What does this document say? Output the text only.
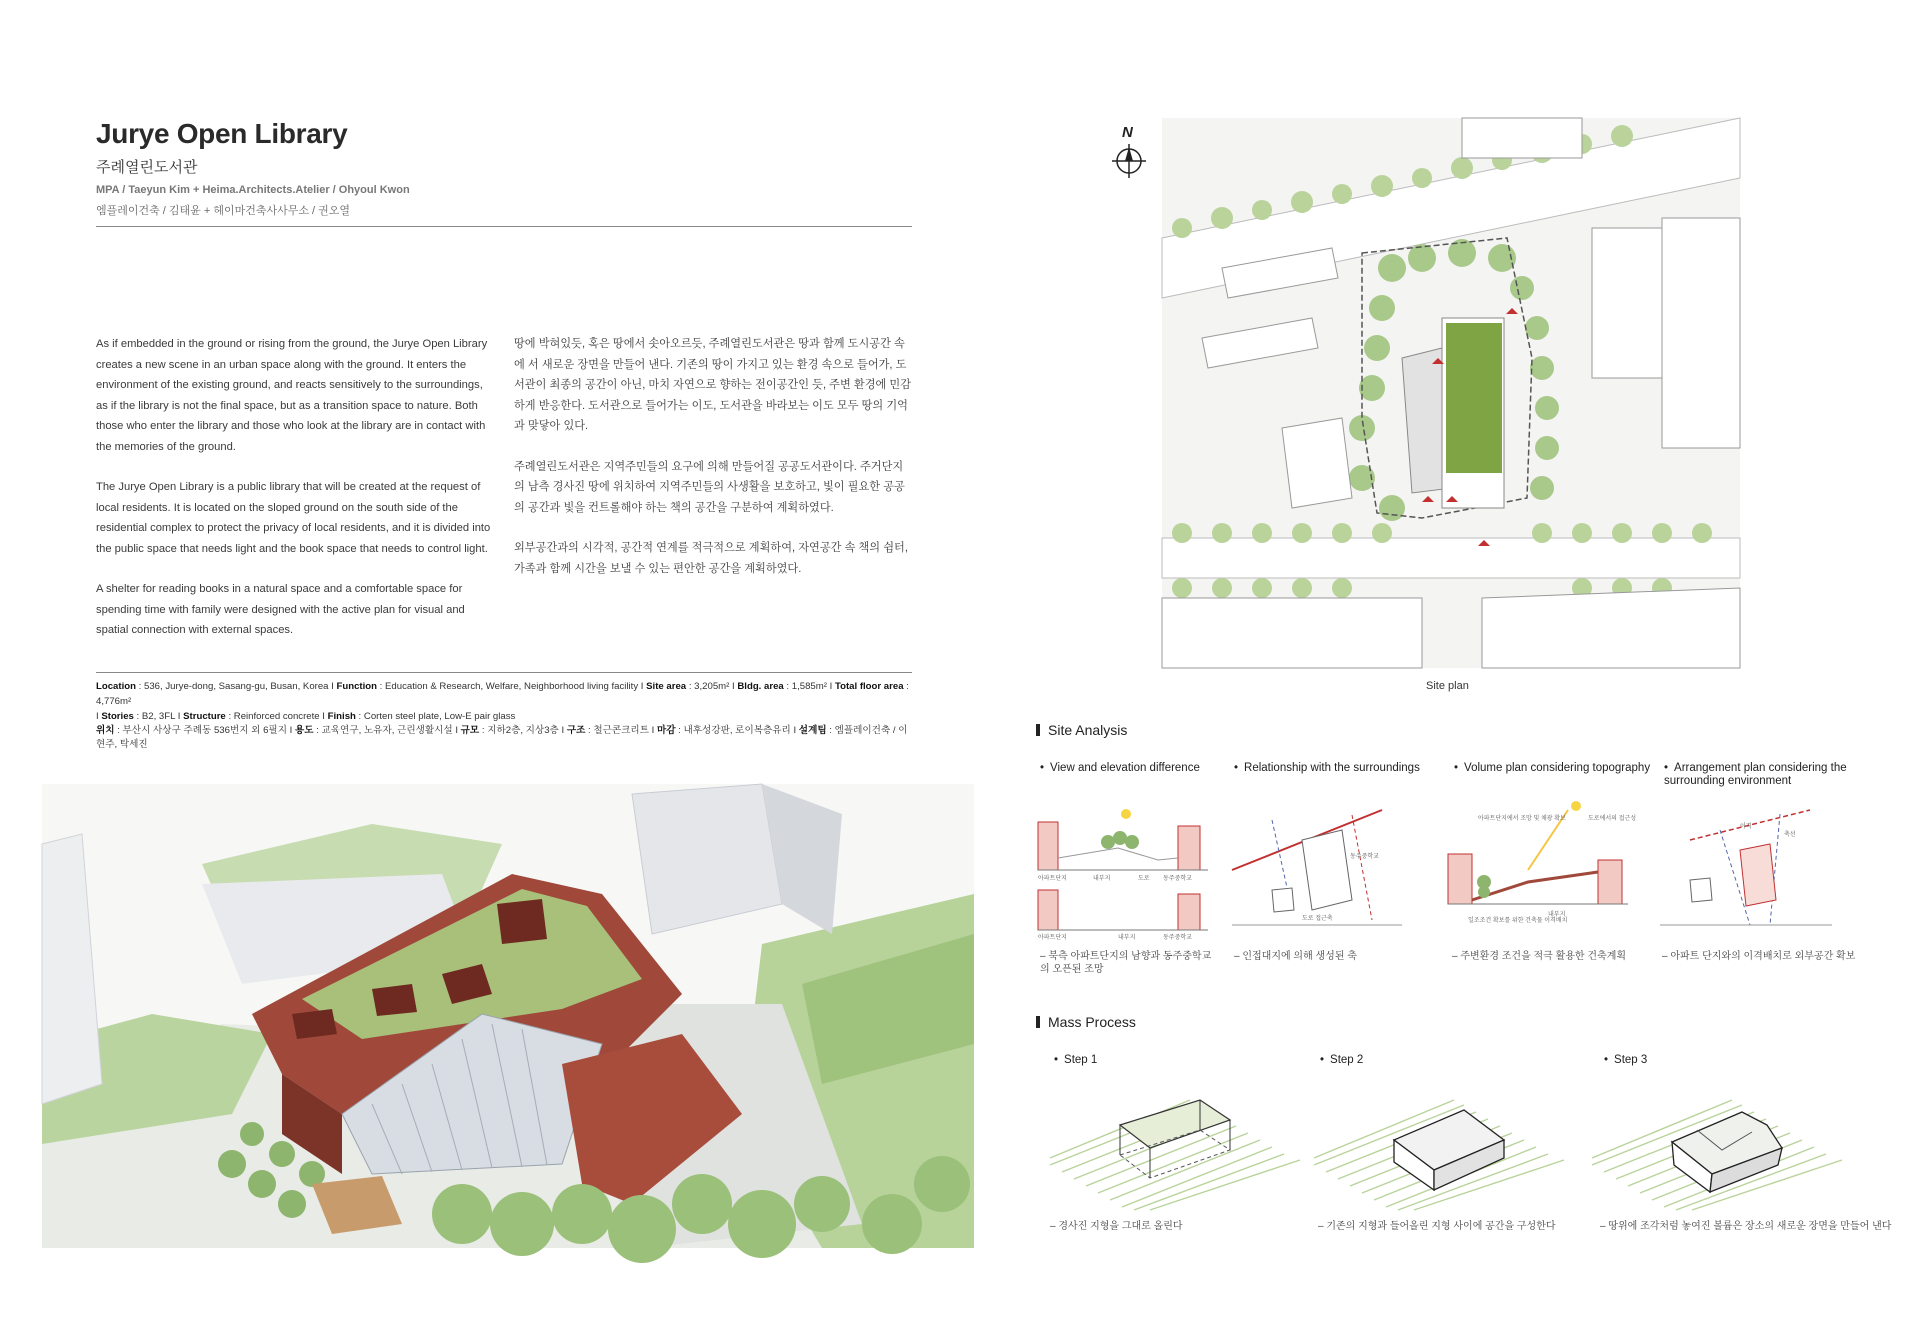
Jurye Open Library
주례열린도서관
MPA / Taeyun Kim + Heima.Architects.Atelier / Ohyoul Kwon
엠플레이건축 / 김태윤 + 헤이마건축사사무소 / 권오열

As if embedded in the ground or rising from the ground, the Jurye Open Library creates a new scene in an urban space along with the ground. It enters the environment of the existing ground, and reacts sensitively to the surroundings, as if the library is not the final space, but as a transition space to nature. Both those who enter the library and those who look at the library are in contact with the memories of the ground.

The Jurye Open Library is a public library that will be created at the request of local residents. It is located on the sloped ground on the south side of the residential complex to protect the privacy of local residents, and it is divided into the public space that needs light and the book space that needs to control light.

A shelter for reading books in a natural space and a comfortable space for spending time with family were designed with the active plan for visual and spatial connection with external spaces.

땅에 박혀있듯, 혹은 땅에서 솟아오르듯, 주례열린도서관은 땅과 함께 도시공간 속에 서 새로운 장면을 만들어 낸다. 기존의 땅이 가지고 있는 환경 속으로 들어가, 도서관이 최종의 공간이 아닌, 마치 자연으로 향하는 전이공간인 듯, 주변 환경에 민감하게 반응한다. 도서관으로 들어가는 이도, 도서관을 바라보는 이도 모두 땅의 기억과 맞닿아 있다.

주례열린도서관은 지역주민들의 요구에 의해 만들어질 공공도서관이다. 주거단지의 남측 경사진 땅에 위치하여 지역주민들의 사생활을 보호하고, 빛이 필요한 공공의 공간과 빛을 컨트롤해야 하는 책의 공간을 구분하여 계획하였다.

외부공간과의 시각적, 공간적 연계를 적극적으로 계획하여, 자연공간 속 책의 쉼터, 가족과 함께 시간을 보낼 수 있는 편안한 공간을 계획하였다.

Location : 536, Jurye-dong, Sasang-gu, Busan, Korea I Function : Education & Research, Welfare, Neighborhood living facility I Site area : 3,205m² I Bldg. area : 1,585m² I Total floor area : 4,776m²
I Stories : B2, 3FL I Structure : Reinforced concrete I Finish : Corten steel plate, Low-E pair glass
위치 : 부산시 사상구 주례동 536번지 외 6필지 I 용도 : 교육연구, 노유자, 근린생활시설 I 규모 : 지하2층, 지상3층 I 구조 : 철근콘크리트 I 마감 : 내후성강판, 로이복층유리 I 설계팀 : 엠플레이건축 / 이현주, 탁세진
N
Site plan
Site Analysis
• View and elevation difference	• Relationship with the surroundings	• Volume plan considering topography	• Arrangement plan considering the surrounding environment
아파트단지	내부지	도로 동주중학교
아파트단지	내부지	동주중학교
도로 접근축
동주중학교
아파트단지에서 조망 및 채광 확보	도로에서의 접근성
일조조건 확보를 위한 건축물 이격배치
내부지
이격
축선
– 북측 아파트단지의 남향과 동주중학교의 오픈된 조망
– 인접대지에 의해 생성된 축	– 주변환경 조건을 적극 활용한 건축계획	– 아파트 단지와의 이격배치로 외부공간 확보
Mass Process
• Step 1	• Step 2	• Step 3
– 경사진 지형을 그대로 올린다	– 기존의 지형과 들어올린 지형 사이에 공간을 구성한다	– 땅위에 조각처럼 놓여진 볼륨은 장소의 새로운 장면을 만들어 낸다
